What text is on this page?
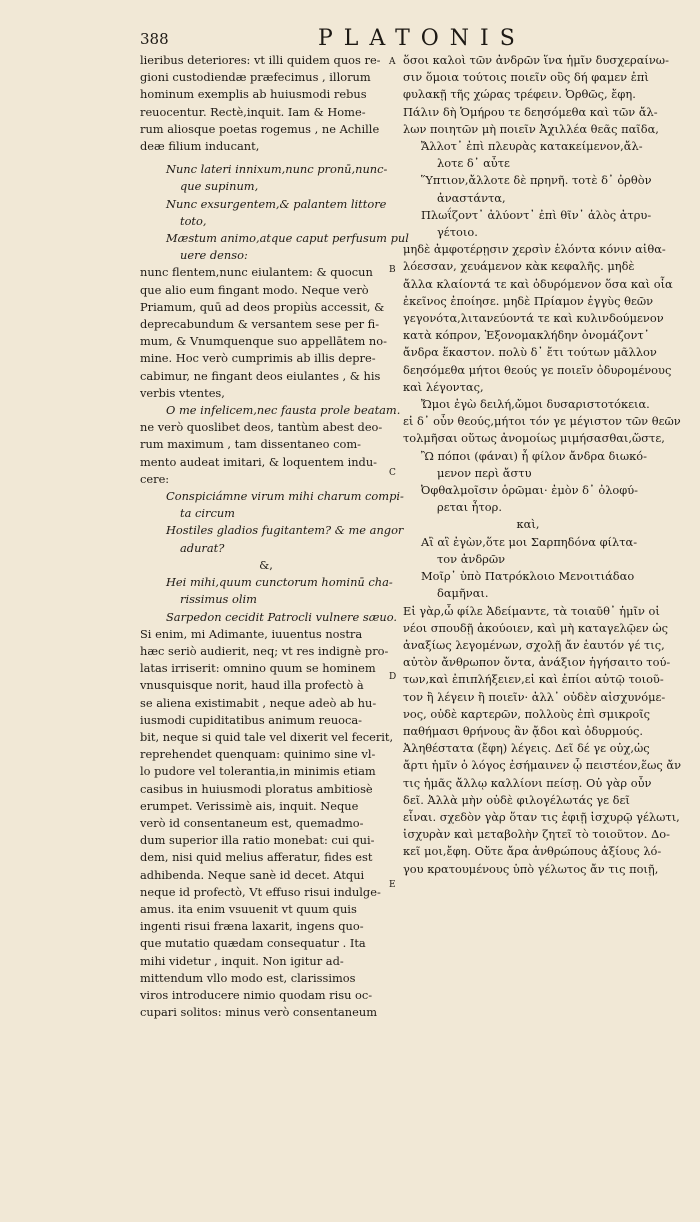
388	PLATONIS
A
B
C
D
E
lieribus deteriores: vt illi quidem quos re-
gioni custodiendæ præfecimus , illorum
hominum exemplis ab huiusmodi rebus
reuocentur. Rectè,inquit. Iam & Home-
rum aliosque poetas rogemus , ne Achille
deæ filium inducant,
Nunc lateri innixum,nunc pronū,nunc-
que supinum,
Nunc exsurgentem,& palantem littore
toto,
Mæstum animo,atque caput perfusum pul
uere denso:
nunc flentem,nunc eiulantem: & quocun
que alio eum fingant modo. Neque verò
Priamum, quū ad deos propiùs accessit, &
deprecabundum & versantem sese per fi-
mum, & Vnumquenque suo appellātem no-
mine. Hoc verò cumprimis ab illis depre-
cabimur, ne fingant deos eiulantes , & his
verbis vtentes,
O me infelicem,nec fausta prole beatam.
ne verò quoslibet deos, tantùm abest deo-
rum maximum , tam dissentaneo com-
mento audeat imitari, & loquentem indu-
cere:
Conspiciámne virum mihi charum compi-
ta circum
Hostiles gladios fugitantem? & me angor
adurat?
&,
Hei mihi,quum cunctorum hominū cha-
rissimus olim
Sarpedon cecidit Patrocli vulnere sæuo.
Si enim, mi Adimante, iuuentus nostra
hæc seriò audierit, neq; vt res indignè pro-
latas irriserit: omnino quum se hominem
vnusquisque norit, haud illa profectò à
se aliena existimabit , neque adeò ab hu-
iusmodi cupiditatibus animum reuoca-
bit, neque si quid tale vel dixerit vel fecerit,
reprehendet quenquam: quinimo sine vl-
lo pudore vel tolerantia,in minimis etiam
casibus in huiusmodi ploratus ambitiosè
erumpet. Verissimè ais, inquit. Neque
verò id consentaneum est, quemadmo-
dum superior illa ratio monebat: cui qui-
dem, nisi quid melius afferatur, fides est
adhibenda. Neque sanè id decet. Atqui
neque id profectò, Vt effuso risui indulge-
amus. ita enim vsuuenit vt quum quis
ingenti risui fræna laxarit, ingens quo-
que mutatio quædam consequatur . Ita
mihi videtur , inquit. Non igitur ad-
mittendum vllo modo est, clarissimos
viros introducere nimio quodam risu oc-
cupari solitos: minus verò consentaneum
ὅσοι καλοὶ τῶν ἀνδρῶν ἵνα ἡμῖν δυσχεραίνω-
σιν ὅμοια τούτοις ποιεῖν οὓς δή φαμεν ἐπὶ
φυλακῇ τῆς χώρας τρέφειν. Ὀρθῶς, ἔφη.
Πάλιν δὴ Ὁμήρου τε δεησόμεθα καὶ τῶν ἄλ-
λων ποιητῶν μὴ ποιεῖν Ἀχιλλέα θεᾶς παῖδα,
Ἄλλοτ᾽ ἐπὶ πλευρὰς κατακείμενον,ἄλ-
λοτε δ᾽ αὖτε
Ὕπτιον,ἄλλοτε δὲ πρηνῆ. τοτὲ δ᾽ ὀρθὸν
ἀναστάντα,
Πλωΐζοντ᾽ ἀλύοντ᾽ ἐπὶ θῖν᾽ ἁλὸς ἀτρυ-
γέτοιο.
μηδὲ ἀμφοτέρῃσιν χερσὶν ἑλόντα κόνιν αἰθα-
λόεσσαν, χευάμενον κὰκ κεφαλῆς. μηδὲ
ἄλλα κλαίοντά τε καὶ ὀδυρόμενον ὅσα καὶ οἷα
ἐκεῖνος ἐποίησε. μηδὲ Πρίαμον ἐγγὺς θεῶν
γεγονότα,λιτανεύοντά τε καὶ κυλινδούμενον
κατὰ κόπρον, Ἐξονομακλήδην ὀνομάζοντ᾽
ἄνδρα ἕκαστον. πολὺ δ᾽ ἔτι τούτων μᾶλλον
δεησόμεθα μήτοι θεούς γε ποιεῖν ὀδυρομένους
καὶ λέγοντας,
Ὤμοι ἐγὼ δειλή,ὤμοι δυσαριστοτόκεια.
εἰ δ᾽ οὖν θεούς,μήτοι τόν γε μέγιστον τῶν θεῶν
τολμῆσαι οὕτως ἀνομοίως μιμήσασθαι,ὥστε,
Ὢ πόποι (φάναι) ἦ φίλον ἄνδρα διωκό-
μενον περὶ ἄστυ
Ὀφθαλμοῖσιν ὁρῶμαι· ἐμὸν δ᾽ ὀλοφύ-
ρεται ἦτορ.
καὶ,
Αἲ αἲ ἐγὼν,ὅτε μοι Σαρπηδόνα φίλτα-
τον ἀνδρῶν
Μοῖρ᾽ ὑπὸ Πατρόκλοιο Μενοιτιάδαο
δαμῆναι.
Εἰ γὰρ,ὦ φίλε Ἀδείμαντε, τὰ τοιαῦθ᾽ ἡμῖν οἱ
νέοι σπουδῇ ἀκούοιεν, καὶ μὴ καταγελῷεν ὡς
ἀναξίως λεγομένων, σχολῇ ἄν ἑαυτόν γέ τις,
αὐτὸν ἄνθρωπον ὄντα, ἀνάξιον ἡγήσαιτο τού-
των,καὶ ἐπιπλήξειεν,εἰ καὶ ἐπίοι αὐτῷ τοιοῦ-
τον ἢ λέγειν ἢ ποιεῖν· ἀλλ᾽ οὐδὲν αἰσχυνόμε-
νος, οὐδὲ καρτερῶν, πολλοὺς ἐπὶ σμικροῖς
παθήμασι θρήνους ἂν ᾄδοι καὶ ὀδυρμούς.
Ἀληθέστατα (ἔφη) λέγεις. Δεῖ δέ γε οὐχ,ὡς
ἄρτι ἡμῖν ὁ λόγος ἐσήμαινεν ᾧ πειστέον,ἕως ἄν
τις ἡμᾶς ἄλλῳ καλλίονι πείσῃ. Οὐ γὰρ οὖν
δεῖ. Ἀλλὰ μὴν οὐδὲ φιλογέλωτάς γε δεῖ
εἶναι. σχεδὸν γὰρ ὅταν τις ἐφιῇ ἰσχυρῷ γέλωτι,
ἰσχυρὰν καὶ μεταβολὴν ζητεῖ τὸ τοιοῦτον. Δο-
κεῖ μοι,ἔφη. Οὔτε ἄρα ἀνθρώπους ἀξίους λό-
γου κρατουμένους ὑπὸ γέλωτος ἄν τις ποιῇ,
